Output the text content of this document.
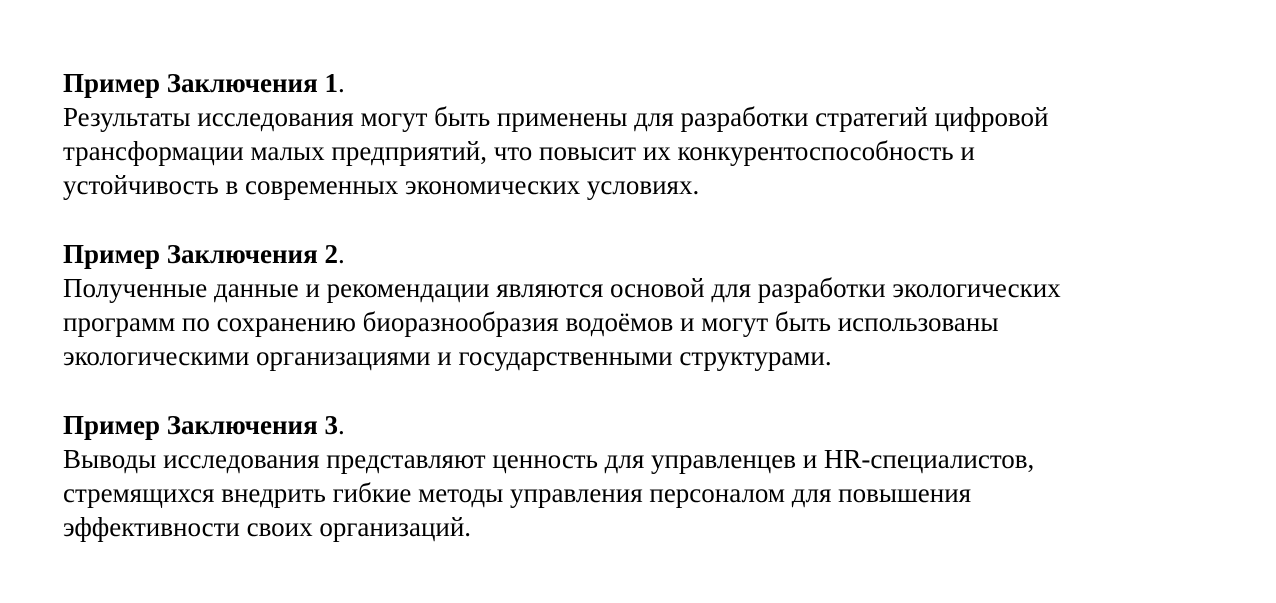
Пример Заключения 1.

Результаты исследования могут быть применены для разработки стратегий цифровой
трансформации малых предприятий, что повысит их конкурентоспособность и
устойчивость в современных экономических условиях.

Пример Заключения 2.

Полученные данные и рекомендации являются основой для разработки экологических
программ по сохранению биоразнообразия водоёмов и могут быть использованы
экологическими организациями и государственными структурами.

Пример Заключения 3.

Выводы исследования представляют ценность для управленцев и HR-специалистов,
стремящихся внедрить гибкие методы управления персоналом для повышения
эффективности своих организаций.
